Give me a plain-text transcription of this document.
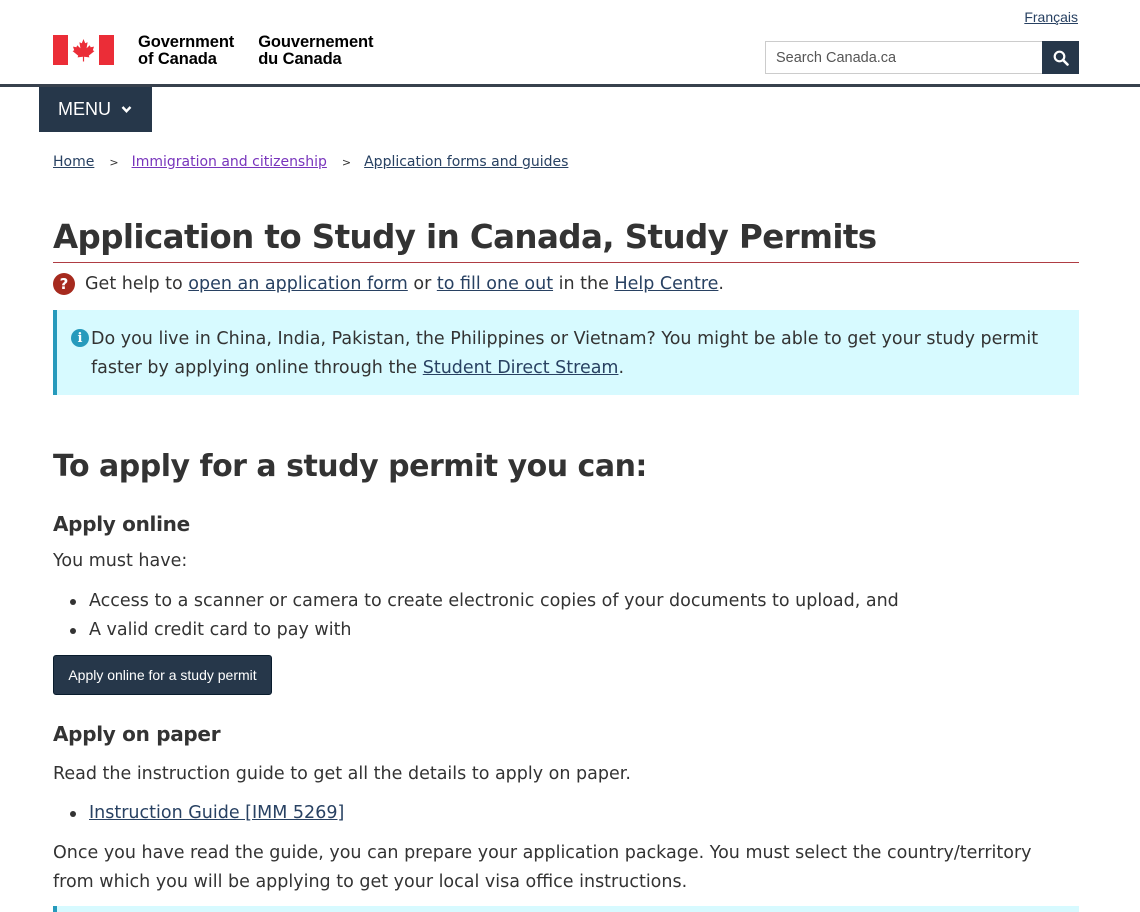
Français
Government
of Canada
Gouvernement
du Canada
Search Canada.ca
MENU
Home > Immigration and citizenship > Application forms and guides
Application to Study in Canada, Study Permits
? Get help to open an application form or to fill one out in the Help Centre .
i Do you live in China, India, Pakistan, the Philippines or Vietnam? You might be able to get your study permit faster by applying online through the Student Direct Stream.
To apply for a study permit you can:
Apply online

You must have:

Access to a scanner or camera to create electronic copies of your documents to upload, and
A valid credit card to pay with
Apply online for a study permit
Apply on paper

Read the instruction guide to get all the details to apply on paper.

Instruction Guide [IMM 5269]

Once you have read the guide, you can prepare your application package. You must select the country/territory from which you will be applying to get your local visa office instructions.
